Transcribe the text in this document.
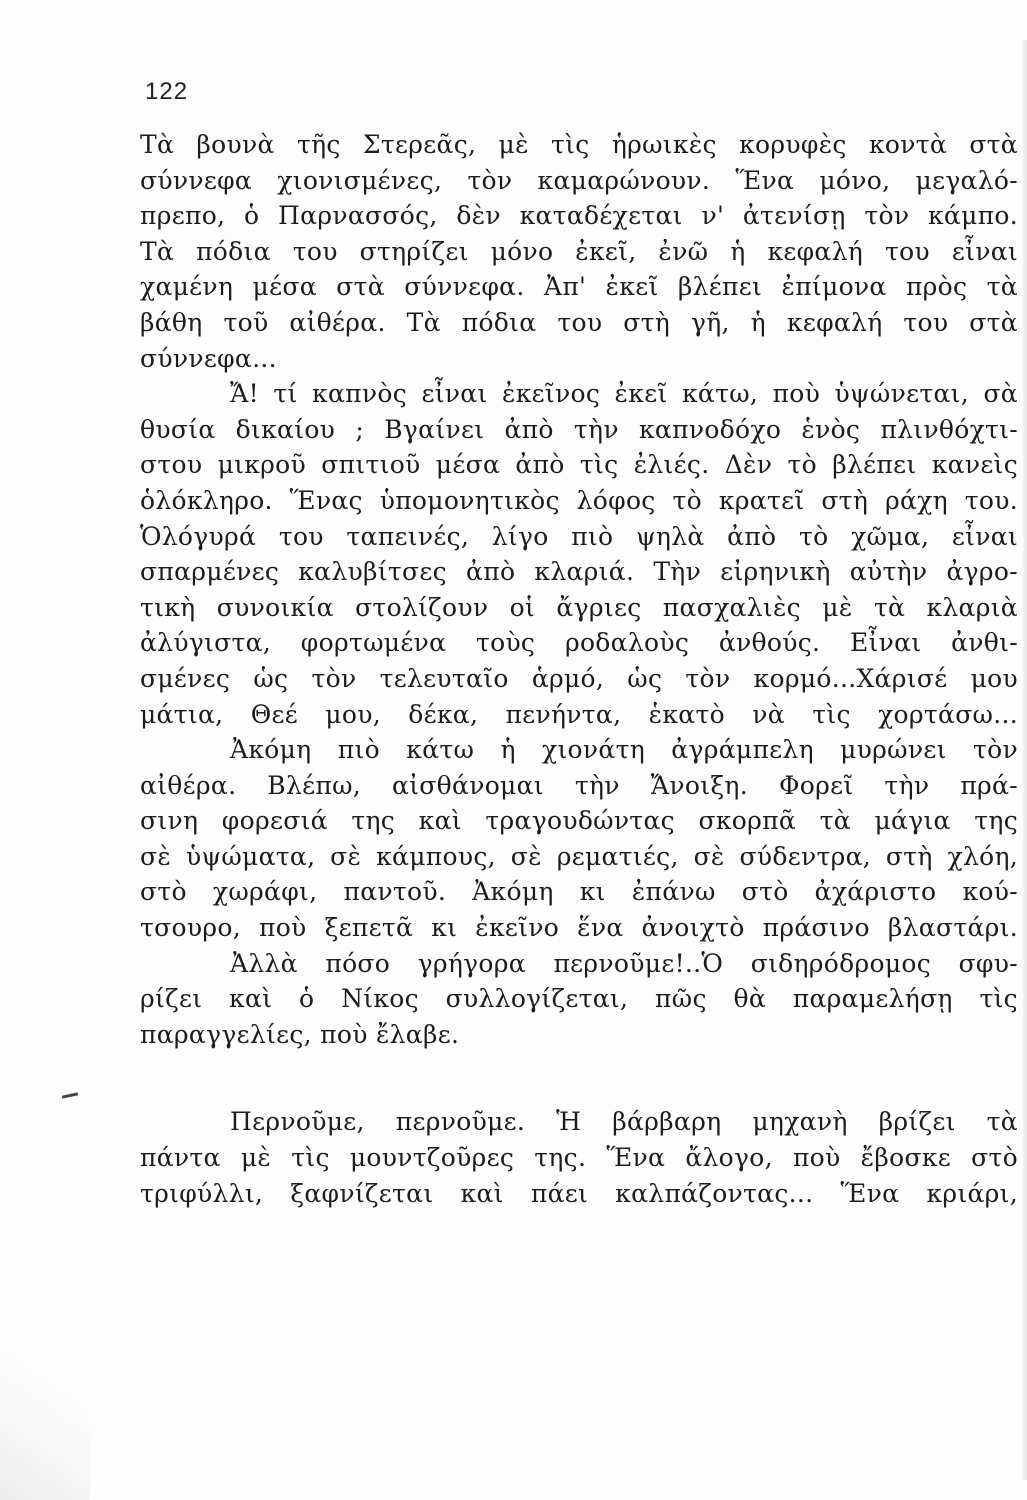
122
Τὰ βουνὰ τῆς Στερεᾶς, μὲ τὶς ἡρωικὲς κορυφὲς κοντὰ στὰ
σύννεφα χιονισμένες, τὸν καμαρώνουν. Ἕνα μόνο, μεγαλό-
πρεπο, ὁ Παρνασσός, δὲν καταδέχεται ν' ἀτενίσῃ τὸν κάμπο.
Τὰ πόδια του στηρίζει μόνο ἐκεῖ, ἐνῶ ἡ κεφαλή του εἶναι
χαμένη μέσα στὰ σύννεφα. Ἀπ' ἐκεῖ βλέπει ἐπίμονα πρὸς τὰ
βάθη τοῦ αἰθέρα. Τὰ πόδια του στὴ γῆ, ἡ κεφαλή του στὰ
σύννεφα...
Ἄ! τί καπνὸς εἶναι ἐκεῖνος ἐκεῖ κάτω, ποὺ ὑψώνεται, σὰ
θυσία δικαίου ; Βγαίνει ἀπὸ τὴν καπνοδόχο ἑνὸς πλινθόχτι-
στου μικροῦ σπιτιοῦ μέσα ἀπὸ τὶς ἐλιές. Δὲν τὸ βλέπει κανεὶς
ὁλόκληρο. Ἕνας ὑπομονητικὸς λόφος τὸ κρατεῖ στὴ ράχη του.
Ὁλόγυρά του ταπεινές, λίγο πιὸ ψηλὰ ἀπὸ τὸ χῶμα, εἶναι
σπαρμένες καλυβίτσες ἀπὸ κλαριά. Τὴν εἰρηνικὴ αὐτὴν ἀγρο-
τικὴ συνοικία στολίζουν οἱ ἄγριες πασχαλιὲς μὲ τὰ κλαριὰ
ἀλύγιστα, φορτωμένα τοὺς ροδαλοὺς ἀνθούς. Εἶναι ἀνθι-
σμένες ὡς τὸν τελευταῖο ἁρμό, ὡς τὸν κορμό...Χάρισέ μου
μάτια, Θεέ μου, δέκα, πενήντα, ἑκατὸ νὰ τὶς χορτάσω...
Ἀκόμη πιὸ κάτω ἡ χιονάτη ἀγράμπελη μυρώνει τὸν
αἰθέρα. Βλέπω, αἰσθάνομαι τὴν Ἄνοιξη. Φορεῖ τὴν πρά-
σινη φορεσιά της καὶ τραγουδώντας σκορπᾶ τὰ μάγια της
σὲ ὑψώματα, σὲ κάμπους, σὲ ρεματιές, σὲ σύδεντρα, στὴ χλόη,
στὸ χωράφι, παντοῦ. Ἀκόμη κι ἐπάνω στὸ ἀχάριστο κού-
τσουρο, ποὺ ξεπετᾶ κι ἐκεῖνο ἕνα ἀνοιχτὸ πράσινο βλαστάρι.
Ἀλλὰ πόσο γρήγορα περνοῦμε!..Ὁ σιδηρόδρομος σφυ-
ρίζει καὶ ὁ Νίκος συλλογίζεται, πῶς θὰ παραμελήσῃ τὶς
παραγγελίες, ποὺ ἔλαβε.
Περνοῦμε, περνοῦμε. Ἡ βάρβαρη μηχανὴ βρίζει τὰ
πάντα μὲ τὶς μουντζοῦρες της. Ἕνα ἄλογο, ποὺ ἔβοσκε στὸ
τριφύλλι, ξαφνίζεται καὶ πάει καλπάζοντας... Ἕνα κριάρι,
